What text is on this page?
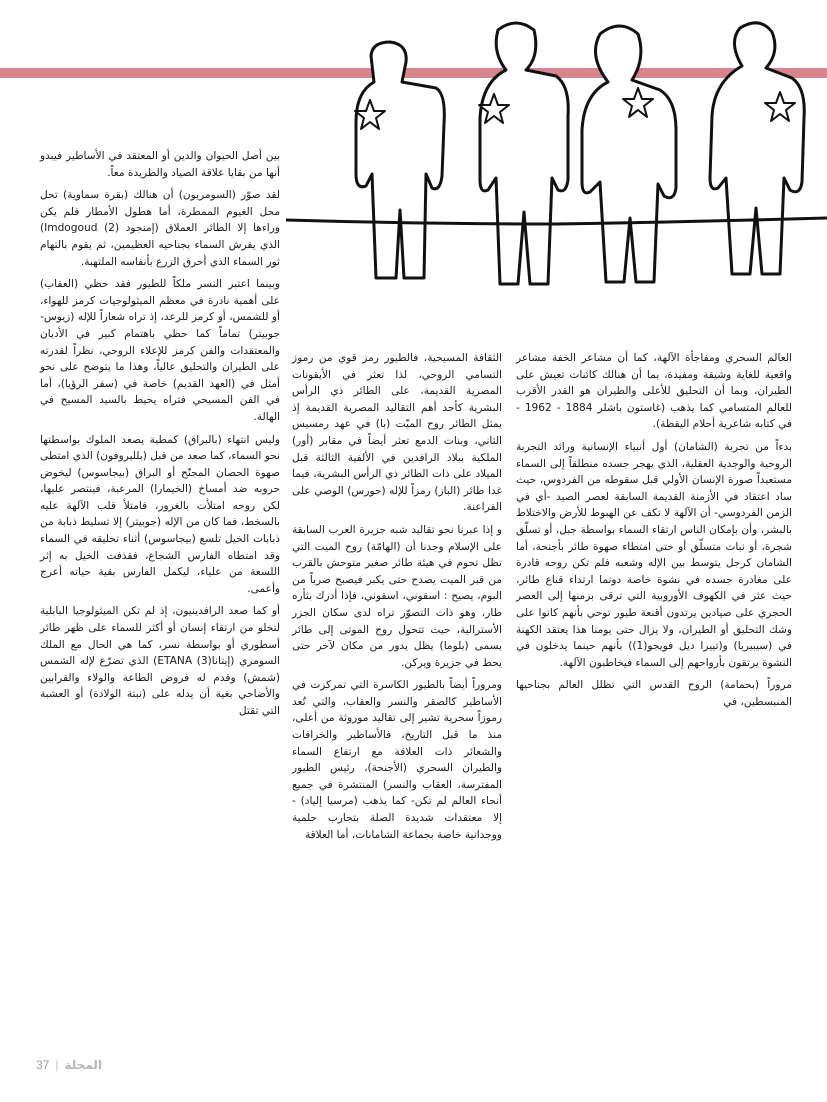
بين أصل الحيوان والدين أو المعتقد في الأساطير فيبدو أنها من بقايا علاقة الصياد والطريدة معاً.

لقد صوّر (السومريون) أن هنالك (بقرة سماوية) تحل محل الغيوم الممطرة، أما هطول الأمطار فلم يكن وراءها إلا الطائر العملاق (إمنجود (2) Imdogoud) الذي يفرش السماء بجناحيه العظيمين، ثم يقوم بالتهام ثور السماء الذي أحرق الزرع بأنفاسه الملتهبة.

وبينما اعتبر النسر ملكاً للطيور فقد حظي (العقاب) على أهمية نادرة في معظم الميثولوجيات كرمز للهواء، أو للشمس، أو كرمز للرعد، إذ تراه شعاراً للإله (زيوس-جوبيتر) تماماً كما حظي باهتمام كبير في الأديان والمعتقدات والفن كرمز للإعلاء الروحي، نظراً لقدرته على الطيران والتحليق عالياً، وهذا ما يتوضح على نحو أمثل في (العهد القديم) خاصة في (سفر الرؤيا)، أما في الفن المسيحي فتراه يحيط بالسيد المسيح في الهالة.

وليس انتهاء (بالبراق) كمطية يصعد الملوك بواسطتها نحو السماء، كما صعد من قبل (بلليروفون) الذي امتطى صهوة الحصان المجنّح أو البراق (بيجاسوس) ليخوض حروبه ضد أمساخ (الخيمارا) المرعبة، فينتصر عليها، لكن روحه امتلأت بالغرور، فامتلأ قلب الآلهة عليه بالسخط، فما كان من الإله (جوبيتر) إلا تسليط ذبابة من ذبابات الخيل تلسع (بيجاسوس) أثناء تحليقه في السماء وقد امتطاه الفارس الشجاع، فقذفت الخيل به إثر اللسعة من علياء، ليكمل الفارس بقية حياته أعرج وأعمى.

أو كما صعد الرافدينيون، إذ لم تكن الميثولوجيا البابلية لتخلو من ارتقاء إنسان أو أكثر للسماء على ظهر طائر أسطوري أو بواسطة نسر، كما هي الحال مع الملك السومري (إيتانا(3) ETANA) الذي تضرّع لإله الشمس (شمش) وقدم له فروض الطاعة والولاء والقرابين والأضاحي بغية أن يدله على (نبتة الولادة) أو العشبة التي تقتل

الثقافة المسيحية، فالطيور رمز قوي من رموز التسامي الروحي، لذا تعثر في الأيقونات المصرية القديمة، على الطائر ذي الرأس البشرية كأحد أهم التقاليد المصرية القديمة إذ يمثل الطائر روح الميّت (با) في عهد رمسيس الثاني، وبنات الدمع تعثر أيضاً في مقابر (أور) الملكية ببلاد الرافدين في الألفية الثالثة قبل الميلاد على ذات الطائر ذي الرأس البشرية، فيما غدا طائر (الباز) رمزاً للإله (حورس) الوصي على الفراعنة.

و إذا عبرنا نحو تقاليد شبه جزيرة العرب السابقة على الإسلام وجدنا أن (الهامّة) روح الميت التي تظل تحوم في هيئة طائر صغير متوحش بالقرب من قبر الميت يصدح حتى يكبر فيصبح ضرباً من البوم، يصيح : اسقوني، اسقوني، فإذا أدرك بثأره طار، وهو ذات التصوّر تراه لدى سكان الجزر الأسترالية، حيث تتحول روح الموتى إلى طائر يسمى (بلوما) يظل يدور من مكان لآخر حتى يحط في جزيرة ويركن.

ومروراً أيضاً بالطيور الكاسرة التي تمركزت في الأساطير كالصقر والنسر والعقاب، والتي تُعد رموزاً سحرية تشير إلى تقاليد موروثة من أعلى، منذ ما قبل التاريخ، فالأساطير والخرافات والشعائر ذات العلاقة مع ارتفاع السماء والطيران السحري (الأجنحة)، رئيس الطيور المفترسة، العقاب والنسر) المنتشرة في جميع أنحاء العالم لم تكن- كما يذهب (مرسيا إلياد) - إلا معتقدات شديدة الصلة بتجارب حلمية ووجدانية خاصة بجماعة الشامانات، أما العلاقة

العالم السحري ومفاجأة الآلهة، كما أن مشاعر الخفة مشاعر واقعية للغاية وشيقة ومفيدة، بما أن هنالك كائنات تعيش على الطيران، وبما أن التحليق للأعلى والطيران هو القدر الأقرب للعالم المتسامي كما يذهب (غاستون باشلر 1884 - 1962 - في كتابه شاعرية أحلام اليقظة).

بدءاً من تجربة (الشامان) أول أنبياء الإنسانية ورائد التجربة الروحية والوجدية العقلية، الذي يهجر جسده منطلقاً إلى السماء مستعيداً صورة الإنسان الأولي قبل سقوطه من الفردوس، حيث ساد اعتقاد في الأزمنة القديمة السابقة لعصر الصيد -أي في الزمن الفردوسي- أن الآلهة لا تكف عن الهبوط للأرض والاختلاط بالبشر، وأن بإمكان الناس ارتقاء السماء بواسطة جبل، أو تسلّق شجرة، أو نبات متسلّق أو حتى امتطاء صهوة طائر بأجنحة، أما الشامان كرجل يتوسط بين الإله وشعبه فلم تكن روحه قادرة على مغادرة جسده في نشوة خاصة دونما ارتداء قناع طائر، حيث عثر في الكهوف الأوروبية التي ترقى بزمنها إلى العصر الحجري على صيادين يرتدون أقنعة طيور توحي بأنهم كانوا على وشك التحليق أو الطيران، ولا يزال حتى يومنا هذا يعتقد الكهنة في (سيبيريا) و(تييرا ديل فويجو(1)) بأنهم حينما يدخلون في النشوة يرتقون بأرواحهم إلى السماء فيخاطبون الآلهة.

مروراً (بحمامة) الروح القدس التي تظلل العالم بجناحيها المنبسطين، في

37 | المجلة
